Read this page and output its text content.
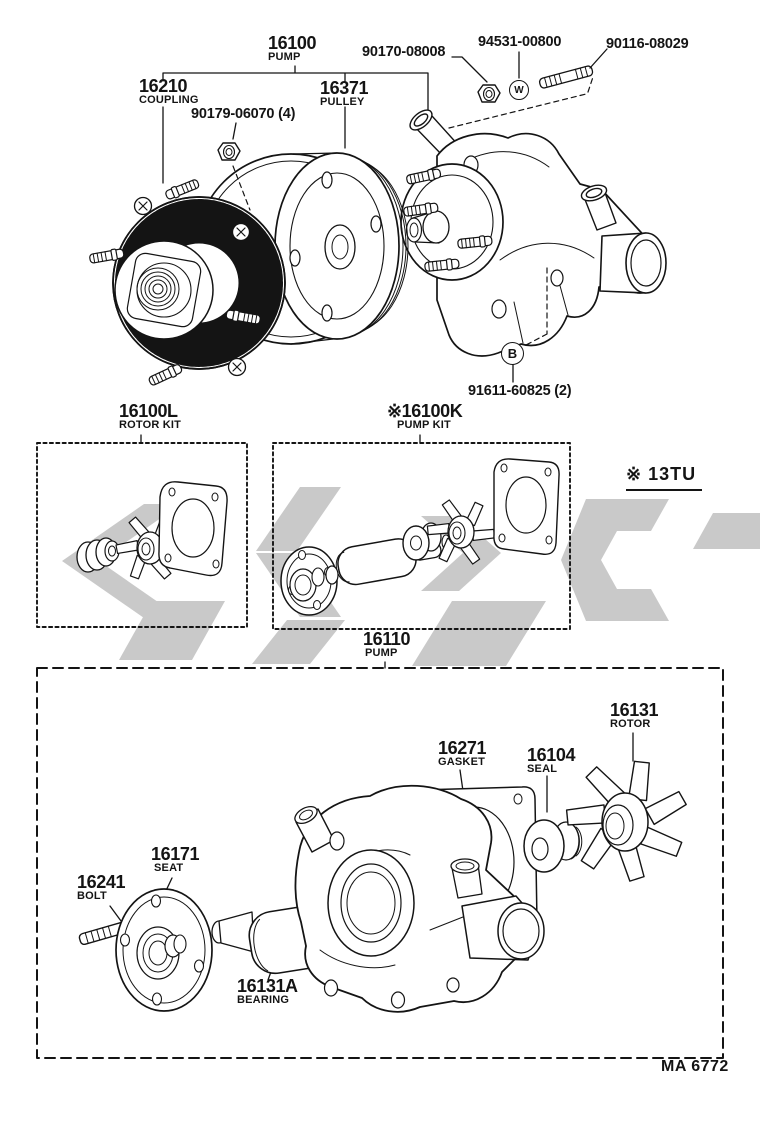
16100
PUMP	90170-08008
94531-00800	90116-08029
16210
COUPLING
90179-06070 (4)
16371
PULLEY
91611-60825 (2)
16100L
ROTOR KIT
※16100K
PUMP KIT
16110
PUMP
16131
ROTOR
16271
GASKET 16104
SEAL
16171
SEAT
16241
BOLT
16131A
BEARING
※ 13TU
MA 6772
B
W
